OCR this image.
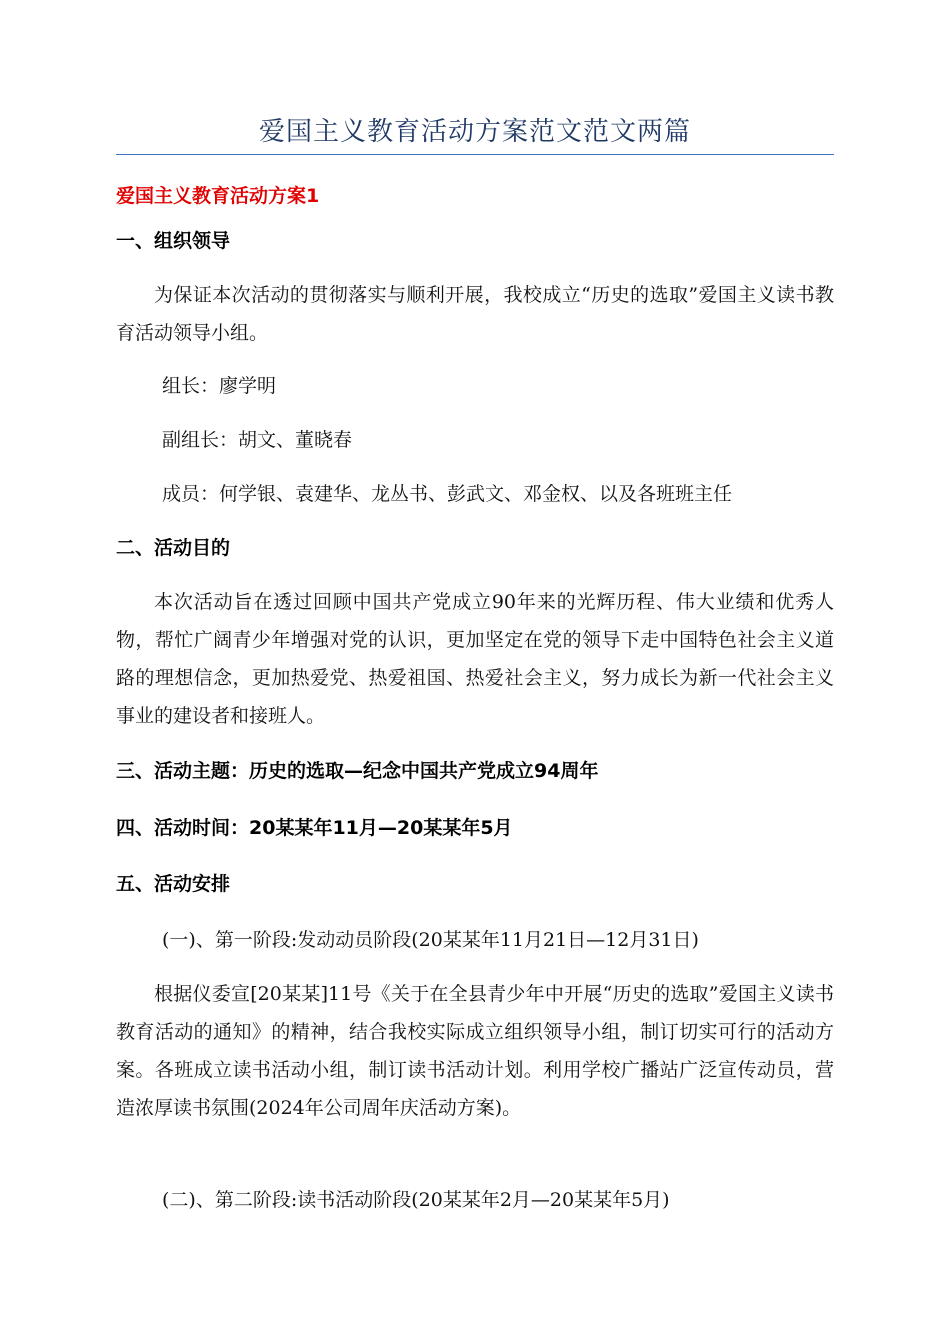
爱国主义教育活动方案范文范文两篇
爱国主义教育活动方案1
一、组织领导
为保证本次活动的贯彻落实与顺利开展，我校成立“历史的选取”爱国主义读书教育活动领导小组。
组长：廖学明
副组长：胡文、董晓春
成员：何学银、袁建华、龙丛书、彭武文、邓金权、以及各班班主任
二、活动目的
本次活动旨在透过回顾中国共产党成立90年来的光辉历程、伟大业绩和优秀人物，帮忙广阔青少年增强对党的认识，更加坚定在党的领导下走中国特色社会主义道路的理想信念，更加热爱党、热爱祖国、热爱社会主义，努力成长为新一代社会主义事业的建设者和接班人。
三、活动主题：历史的选取—纪念中国共产党成立94周年
四、活动时间：20某某年11月—20某某年5月
五、活动安排
(一)、第一阶段:发动动员阶段(20某某年11月21日—12月31日)
根据仪委宣[20某某]11号《关于在全县青少年中开展“历史的选取”爱国主义读书教育活动的通知》的精神，结合我校实际成立组织领导小组，制订切实可行的活动方案。各班成立读书活动小组，制订读书活动计划。利用学校广播站广泛宣传动员，营造浓厚读书氛围(2024年公司周年庆活动方案)。
(二)、第二阶段:读书活动阶段(20某某年2月—20某某年5月)
